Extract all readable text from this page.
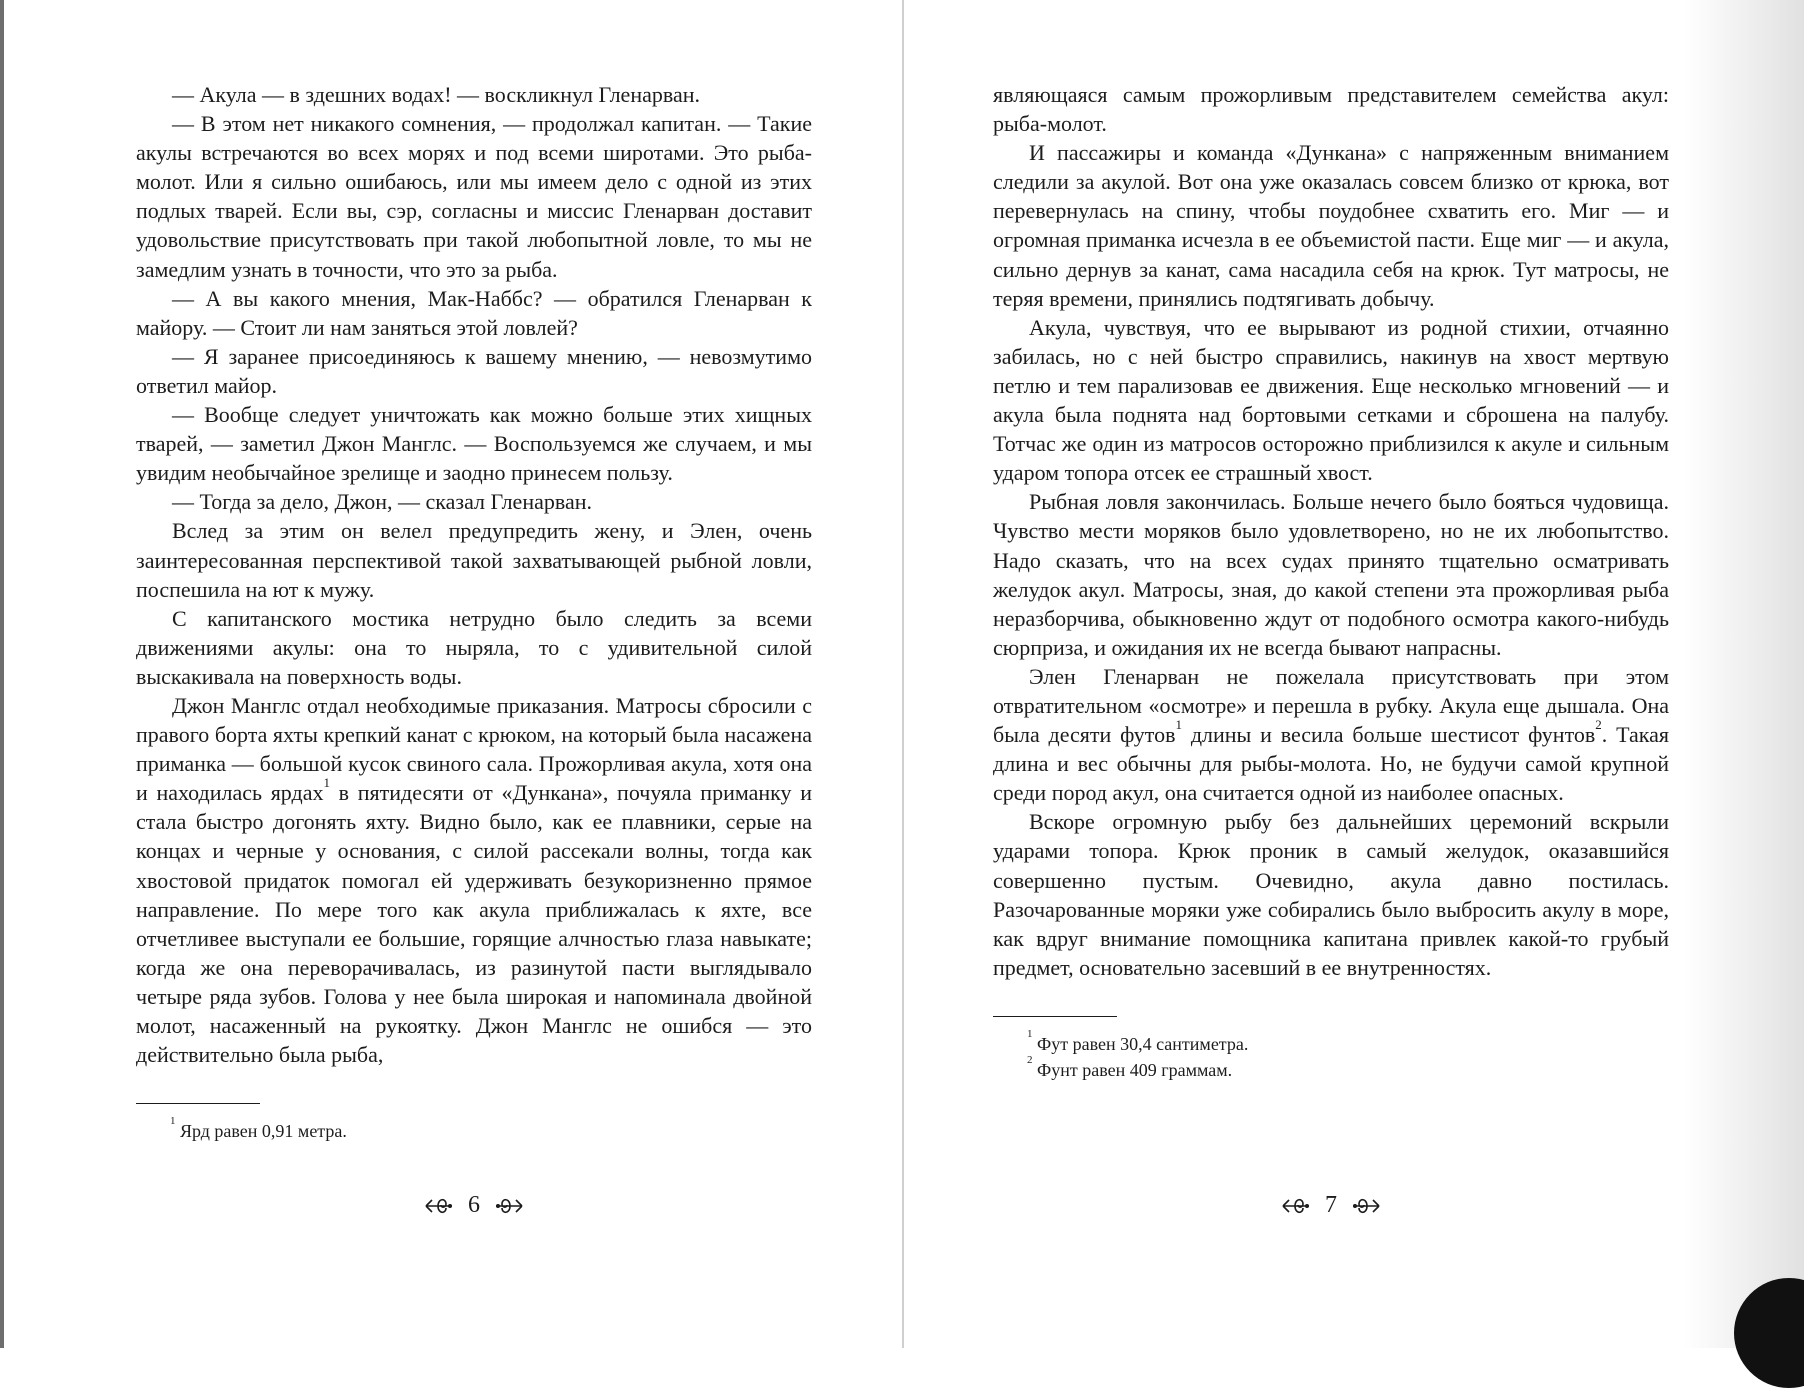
— Акула — в здешних водах! — воскликнул Гленарван.

— В этом нет никакого сомнения, — продолжал капитан. — Такие акулы встречаются во всех морях и под всеми широтами. Это рыба-молот. Или я сильно ошибаюсь, или мы имеем дело с одной из этих подлых тварей. Если вы, сэр, согласны и миссис Гленарван доставит удовольствие присутствовать при такой любопытной ловле, то мы не замедлим узнать в точности, что это за рыба.

— А вы какого мнения, Мак-Наббс? — обратился Гленарван к майору. — Стоит ли нам заняться этой ловлей?

— Я заранее присоединяюсь к вашему мнению, — невозмутимо ответил майор.

— Вообще следует уничтожать как можно больше этих хищных тварей, — заметил Джон Манглс. — Воспользуемся же случаем, и мы увидим необычайное зрелище и заодно принесем пользу.

— Тогда за дело, Джон, — сказал Гленарван.

Вслед за этим он велел предупредить жену, и Элен, очень заинтересованная перспективой такой захватывающей рыбной ловли, поспешила на ют к мужу.

С капитанского мостика нетрудно было следить за всеми движениями акулы: она то ныряла, то с удивительной силой выскакивала на поверхность воды.

Джон Манглс отдал необходимые приказания. Матросы сбросили с правого борта яхты крепкий канат с крюком, на который была насажена приманка — большой кусок свиного сала. Прожорливая акула, хотя она и находилась ярдах$^1$ в пятидесяти от «Дункана», почуяла приманку и стала быстро догонять яхту. Видно было, как ее плавники, серые на концах и черные у основания, с силой рассекали волны, тогда как хвостовой придаток помогал ей удерживать безукоризненно прямое направление. По мере того как акула приближалась к яхте, все отчетливее выступали ее большие, горящие алчностью глаза навыкате; когда же она переворачивалась, из разинутой пасти выглядывало четыре ряда зубов. Голова у нее была широкая и напоминала двойной молот, насаженный на рукоятку. Джон Манглс не ошибся — это действительно была рыба,

$^1$ Ярд равен 0,91 метра.
6

являющаяся самым прожорливым представителем семейства акул: рыба-молот.

И пассажиры и команда «Дункана» с напряженным вниманием следили за акулой. Вот она уже оказалась совсем близко от крюка, вот перевернулась на спину, чтобы поудобнее схватить его. Миг — и огромная приманка исчезла в ее объемистой пасти. Еще миг — и акула, сильно дернув за канат, сама насадила себя на крюк. Тут матросы, не теряя времени, принялись подтягивать добычу.

Акула, чувствуя, что ее вырывают из родной стихии, отчаянно забилась, но с ней быстро справились, накинув на хвост мертвую петлю и тем парализовав ее движения. Еще несколько мгновений — и акула была поднята над бортовыми сетками и сброшена на палубу. Тотчас же один из матросов осторожно приблизился к акуле и сильным ударом топора отсек ее страшный хвост.

Рыбная ловля закончилась. Больше нечего было бояться чудовища. Чувство мести моряков было удовлетворено, но не их любопытство. Надо сказать, что на всех судах принято тщательно осматривать желудок акул. Матросы, зная, до какой степени эта прожорливая рыба неразборчива, обыкновенно ждут от подобного осмотра какого-нибудь сюрприза, и ожидания их не всегда бывают напрасны.

Элен Гленарван не пожелала присутствовать при этом отвратительном «осмотре» и перешла в рубку. Акула еще дышала. Она была десяти футов$^1$ длины и весила больше шестисот фунтов$^2$. Такая длина и вес обычны для рыбы-молота. Но, не будучи самой крупной среди пород акул, она считается одной из наиболее опасных.

Вскоре огромную рыбу без дальнейших церемоний вскрыли ударами топора. Крюк проник в самый желудок, оказавшийся совершенно пустым. Очевидно, акула давно постилась. Разочарованные моряки уже собирались было выбросить акулу в море, как вдруг внимание помощника капитана привлек какой-то грубый предмет, основательно засевший в ее внутренностях.

$^1$ Фут равен 30,4 сантиметра.
$^2$ Фунт равен 409 граммам.
7
